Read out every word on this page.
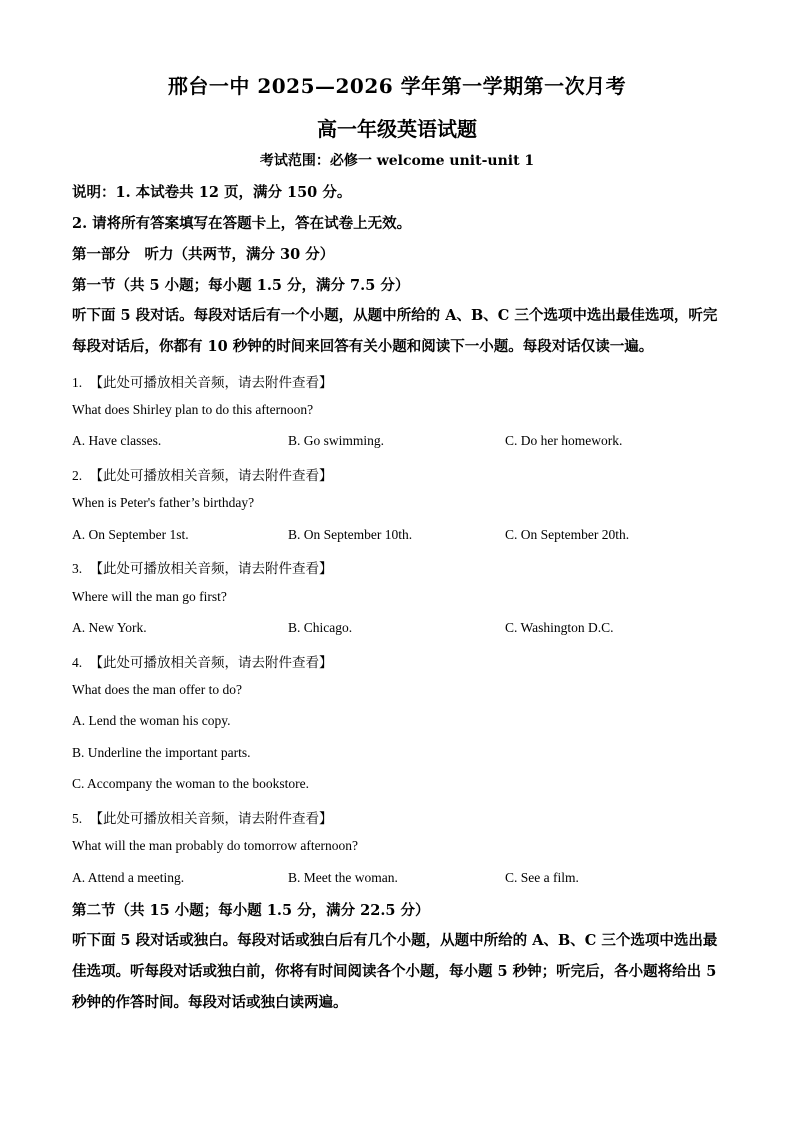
邢台一中 2025—2026 学年第一学期第一次月考
高一年级英语试题
考试范围：必修一 welcome unit-unit 1
说明：1. 本试卷共 12 页，满分 150 分。
2. 请将所有答案填写在答题卡上，答在试卷上无效。
第一部分　听力（共两节，满分 30 分）
第一节（共 5 小题；每小题 1.5 分，满分 7.5 分）
听下面 5 段对话。每段对话后有一个小题，从题中所给的 A、B、C 三个选项中选出最佳选项，听完每段对话后，你都有 10 秒钟的时间来回答有关小题和阅读下一小题。每段对话仅读一遍。
1. 【此处可播放相关音频，请去附件查看】
What does Shirley plan to do this afternoon?
A. Have classes.	B. Go swimming.	C. Do her homework.
2. 【此处可播放相关音频，请去附件查看】
When is Peter's father’s birthday?
A. On September 1st.	B. On September 10th.	C. On September 20th.
3. 【此处可播放相关音频，请去附件查看】
Where will the man go first?
A. New York.	B. Chicago.	C. Washington D.C.
4. 【此处可播放相关音频，请去附件查看】
What does the man offer to do?
A. Lend the woman his copy.
B. Underline the important parts.
C. Accompany the woman to the bookstore.
5. 【此处可播放相关音频，请去附件查看】
What will the man probably do tomorrow afternoon?
A. Attend a meeting.	B. Meet the woman.	C. See a film.
第二节（共 15 小题；每小题 1.5 分，满分 22.5 分）
听下面 5 段对话或独白。每段对话或独白后有几个小题，从题中所给的 A、B、C 三个选项中选出最佳选项。听每段对话或独白前，你将有时间阅读各个小题，每小题 5 秒钟；听完后，各小题将给出 5 秒钟的作答时间。每段对话或独白读两遍。
